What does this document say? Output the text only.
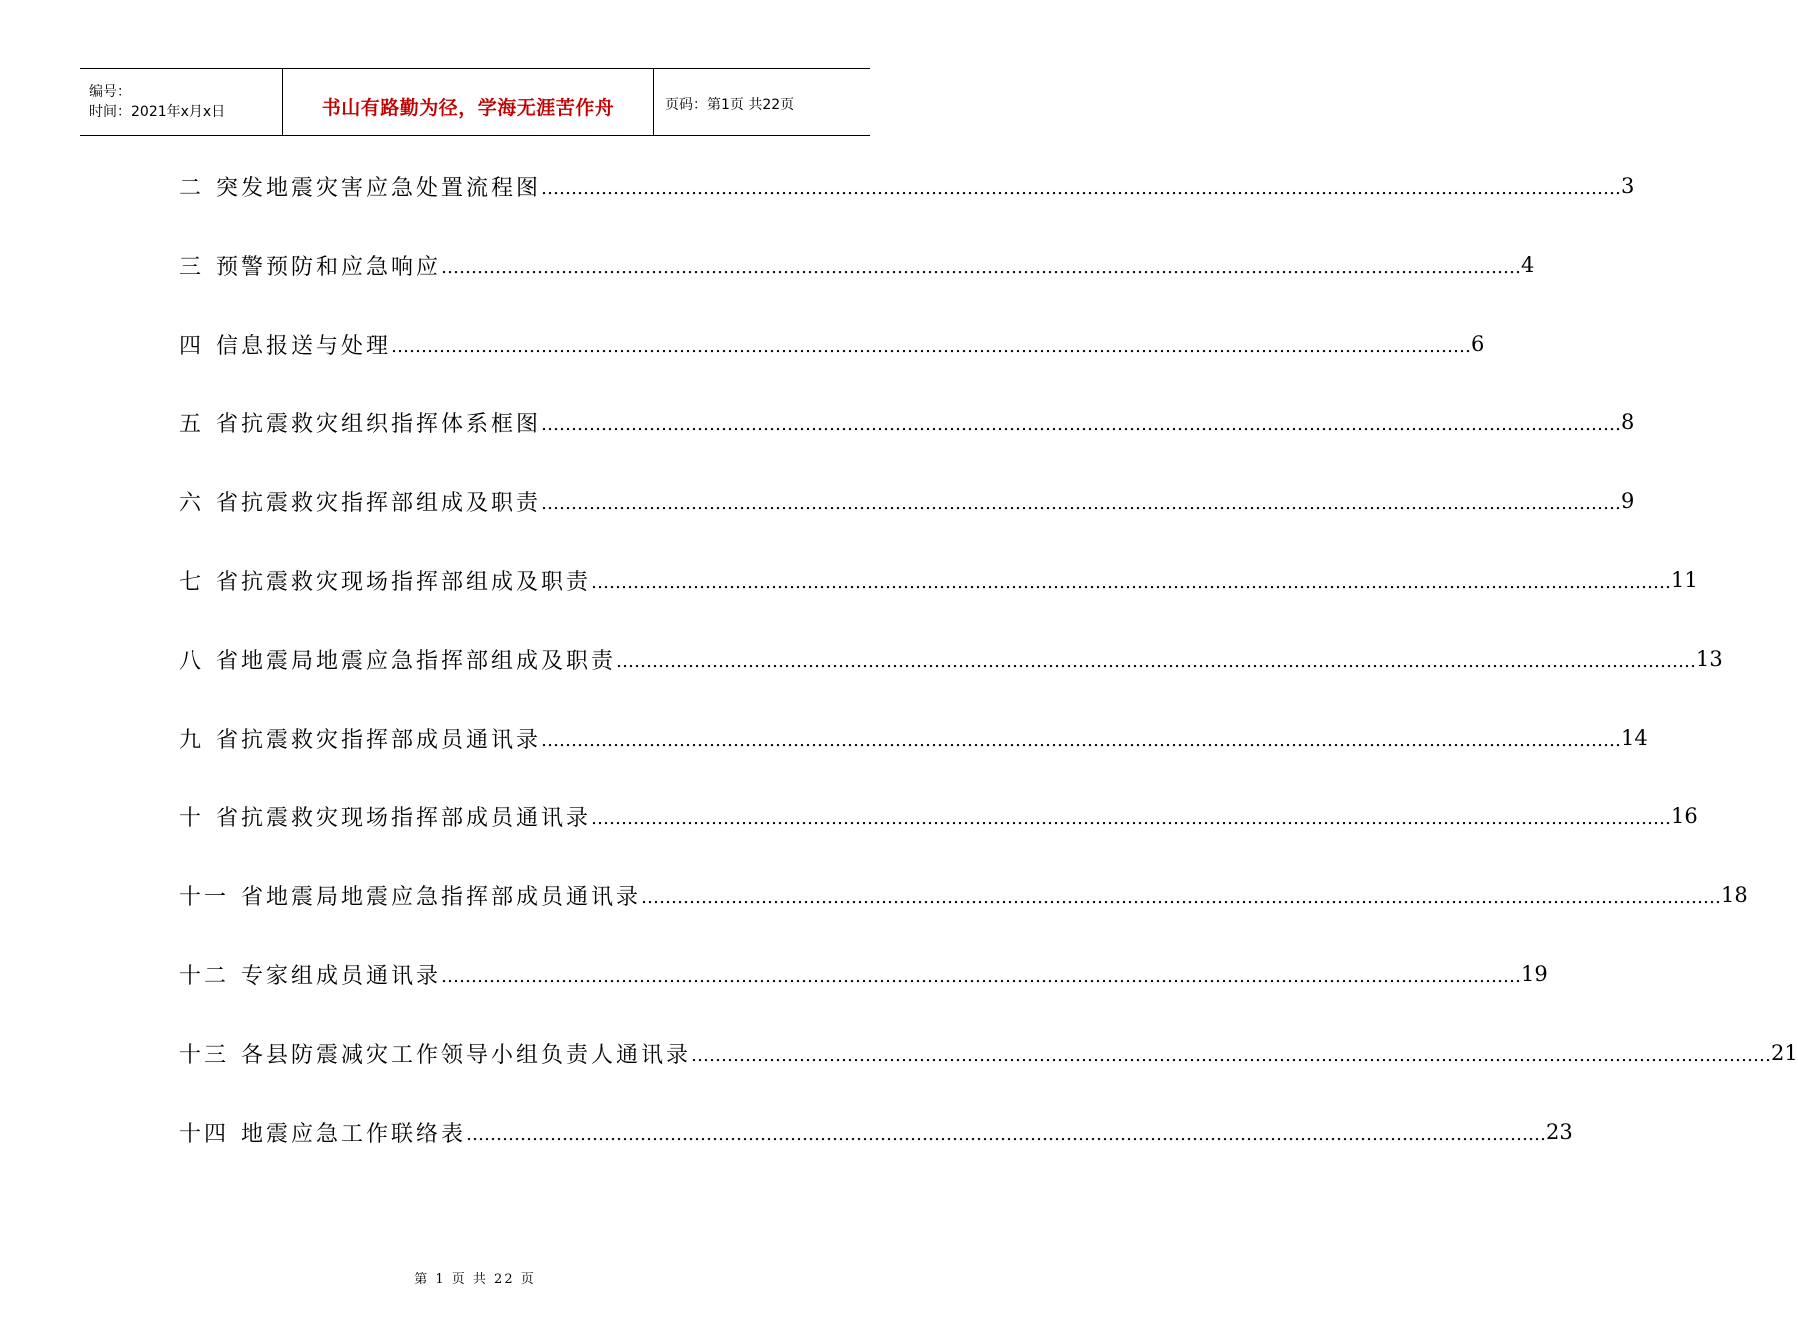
编号：
时间：2021年x月x日	书山有路勤为径，学海无涯苦作舟	页码：第1页 共22页
二 突发地震灾害应急处置流程图 ……………………………………………………………………………………………………………………………………………………………… 3
三 预警预防和应急响应 ……………………………………………………………………………………………………………………………………………………………… 4
四 信息报送与处理 ……………………………………………………………………………………………………………………………………………………………… 6
五 省抗震救灾组织指挥体系框图 ……………………………………………………………………………………………………………………………………………………………… 8
六 省抗震救灾指挥部组成及职责 ……………………………………………………………………………………………………………………………………………………………… 9
七 省抗震救灾现场指挥部组成及职责 ……………………………………………………………………………………………………………………………………………………………… 11
八 省地震局地震应急指挥部组成及职责 ……………………………………………………………………………………………………………………………………………………………… 13
九 省抗震救灾指挥部成员通讯录 ……………………………………………………………………………………………………………………………………………………………… 14
十 省抗震救灾现场指挥部成员通讯录 ……………………………………………………………………………………………………………………………………………………………… 16
十一 省地震局地震应急指挥部成员通讯录 ……………………………………………………………………………………………………………………………………………………………… 18
十二 专家组成员通讯录 ……………………………………………………………………………………………………………………………………………………………… 19
十三 各县防震减灾工作领导小组负责人通讯录 ……………………………………………………………………………………………………………………………………………………………… 21
十四 地震应急工作联络表 ……………………………………………………………………………………………………………………………………………………………… 23
第 1 页 共 22 页
